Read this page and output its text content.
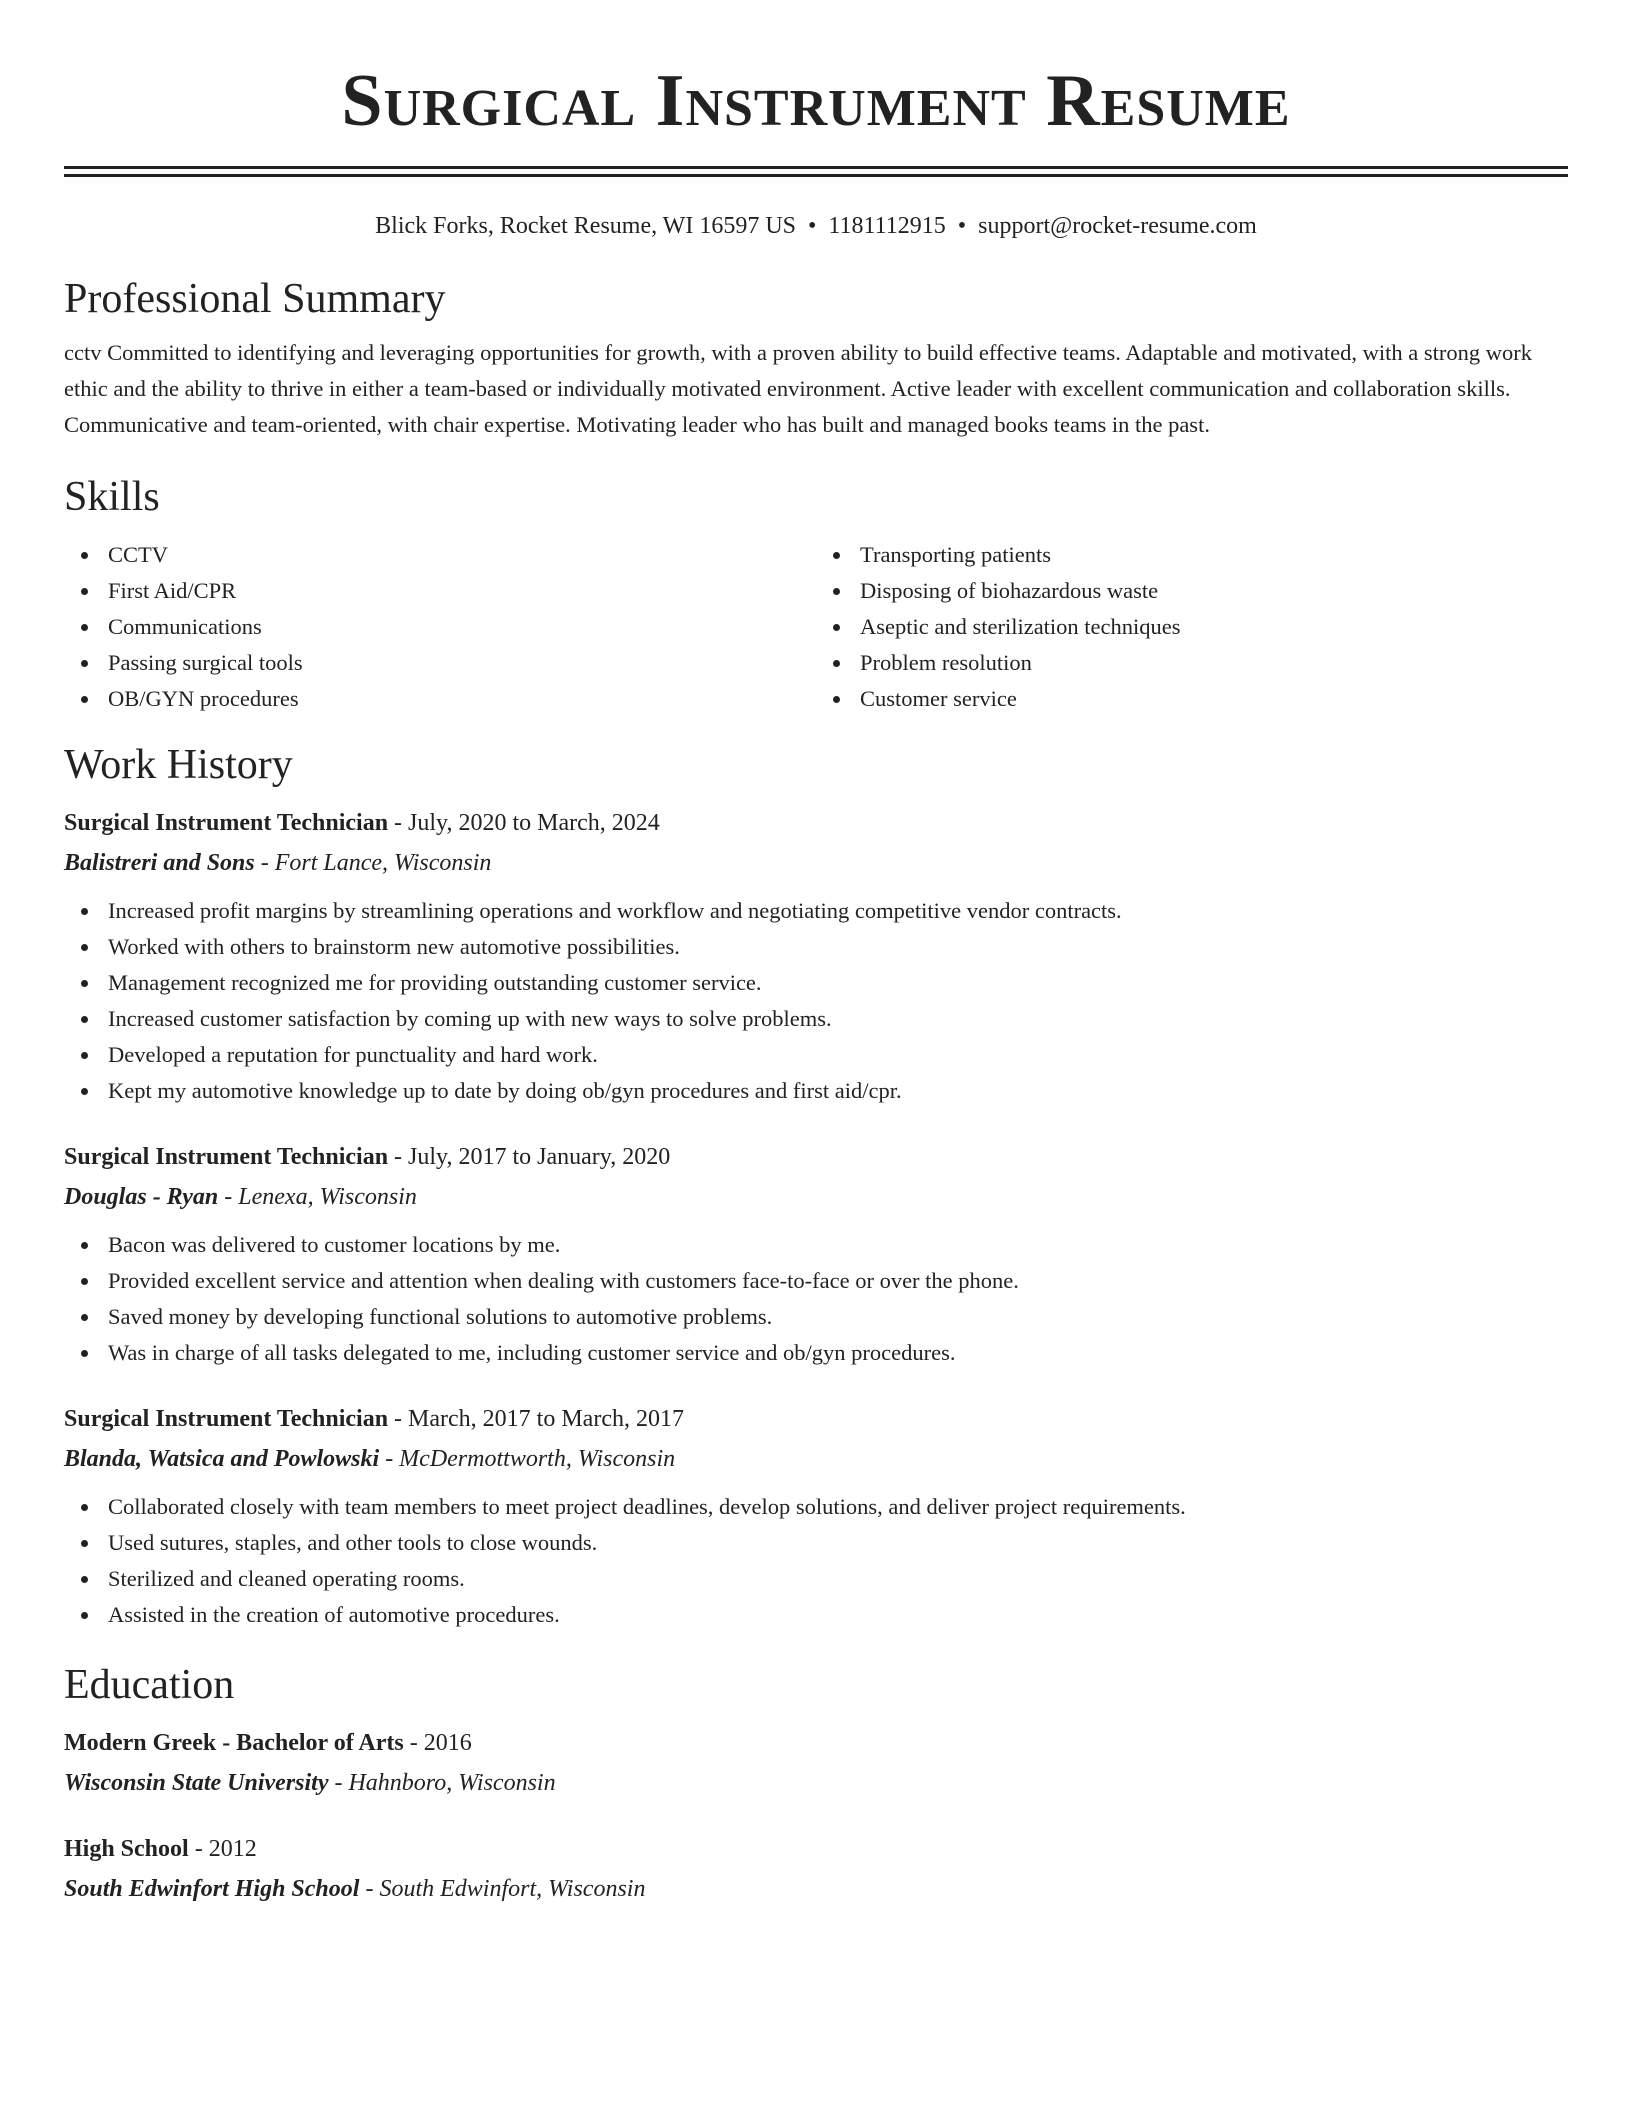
Surgical Instrument Resume
Blick Forks, Rocket Resume, WI 16597 US • 1181112915 • support@rocket-resume.com
Professional Summary

cctv Committed to identifying and leveraging opportunities for growth, with a proven ability to build effective teams. Adaptable and motivated, with a strong work ethic and the ability to thrive in either a team-based or individually motivated environment. Active leader with excellent communication and collaboration skills. Communicative and team-oriented, with chair expertise. Motivating leader who has built and managed books teams in the past.

Skills
CCTV
First Aid/CPR
Communications
Passing surgical tools
OB/GYN procedures
Transporting patients
Disposing of biohazardous waste
Aseptic and sterilization techniques
Problem resolution
Customer service
Work History
Surgical Instrument Technician - July, 2020 to March, 2024
Balistreri and Sons - Fort Lance, Wisconsin
Increased profit margins by streamlining operations and workflow and negotiating competitive vendor contracts.
Worked with others to brainstorm new automotive possibilities.
Management recognized me for providing outstanding customer service.
Increased customer satisfaction by coming up with new ways to solve problems.
Developed a reputation for punctuality and hard work.
Kept my automotive knowledge up to date by doing ob/gyn procedures and first aid/cpr.
Surgical Instrument Technician - July, 2017 to January, 2020
Douglas - Ryan - Lenexa, Wisconsin
Bacon was delivered to customer locations by me.
Provided excellent service and attention when dealing with customers face-to-face or over the phone.
Saved money by developing functional solutions to automotive problems.
Was in charge of all tasks delegated to me, including customer service and ob/gyn procedures.
Surgical Instrument Technician - March, 2017 to March, 2017
Blanda, Watsica and Powlowski - McDermottworth, Wisconsin
Collaborated closely with team members to meet project deadlines, develop solutions, and deliver project requirements.
Used sutures, staples, and other tools to close wounds.
Sterilized and cleaned operating rooms.
Assisted in the creation of automotive procedures.
Education
Modern Greek - Bachelor of Arts - 2016
Wisconsin State University - Hahnboro, Wisconsin
High School - 2012
South Edwinfort High School - South Edwinfort, Wisconsin
